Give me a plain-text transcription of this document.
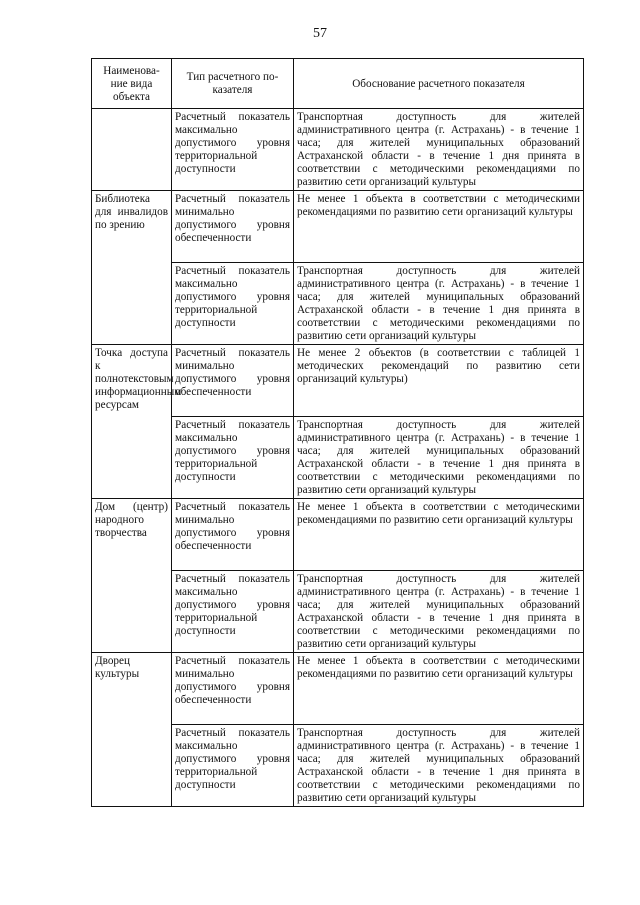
57
Наименова-ние вида объекта	Тип расчетного по-казателя	Обоснование расчетного показателя
	Расчетный показатель максимально допустимого уровня территориальной доступности	Транспортная доступность для жителей административного центра (г. Астрахань) - в течение 1 часа; для жителей муниципальных образований Астраханской области - в течение 1 дня принята в соответствии с методическими рекомендациями по развитию сети организаций культуры
Библиотека для инвалидов по зрению	Расчетный показатель минимально допустимого уровня обеспеченности	Не менее 1 объекта в соответствии с методическими рекомендациями по развитию сети организаций культуры
	Расчетный показатель максимально допустимого уровня территориальной доступности	Транспортная доступность для жителей административного центра (г. Астрахань) - в течение 1 часа; для жителей муниципальных образований Астраханской области - в течение 1 дня принята в соответствии с методическими рекомендациями по развитию сети организаций культуры
Точка доступа к полнотекстовым информационным ресурсам	Расчетный показатель минимально допустимого уровня обеспеченности	Не менее 2 объектов (в соответствии с таблицей 1 методических рекомендаций по развитию сети организаций культуры)
	Расчетный показатель максимально допустимого уровня территориальной доступности	Транспортная доступность для жителей административного центра (г. Астрахань) - в течение 1 часа; для жителей муниципальных образований Астраханской области - в течение 1 дня принята в соответствии с методическими рекомендациями по развитию сети организаций культуры
Дом (центр) народного творчества	Расчетный показатель минимально допустимого уровня обеспеченности	Не менее 1 объекта в соответствии с методическими рекомендациями по развитию сети организаций культуры
	Расчетный показатель максимально допустимого уровня территориальной доступности	Транспортная доступность для жителей административного центра (г. Астрахань) - в течение 1 часа; для жителей муниципальных образований Астраханской области - в течение 1 дня принята в соответствии с методическими рекомендациями по развитию сети организаций культуры
Дворец культуры	Расчетный показатель минимально допустимого уровня обеспеченности	Не менее 1 объекта в соответствии с методическими рекомендациями по развитию сети организаций культуры
	Расчетный показатель максимально допустимого уровня территориальной доступности	Транспортная доступность для жителей административного центра (г. Астрахань) - в течение 1 часа; для жителей муниципальных образований Астраханской области - в течение 1 дня принята в соответствии с методическими рекомендациями по развитию сети организаций культуры
